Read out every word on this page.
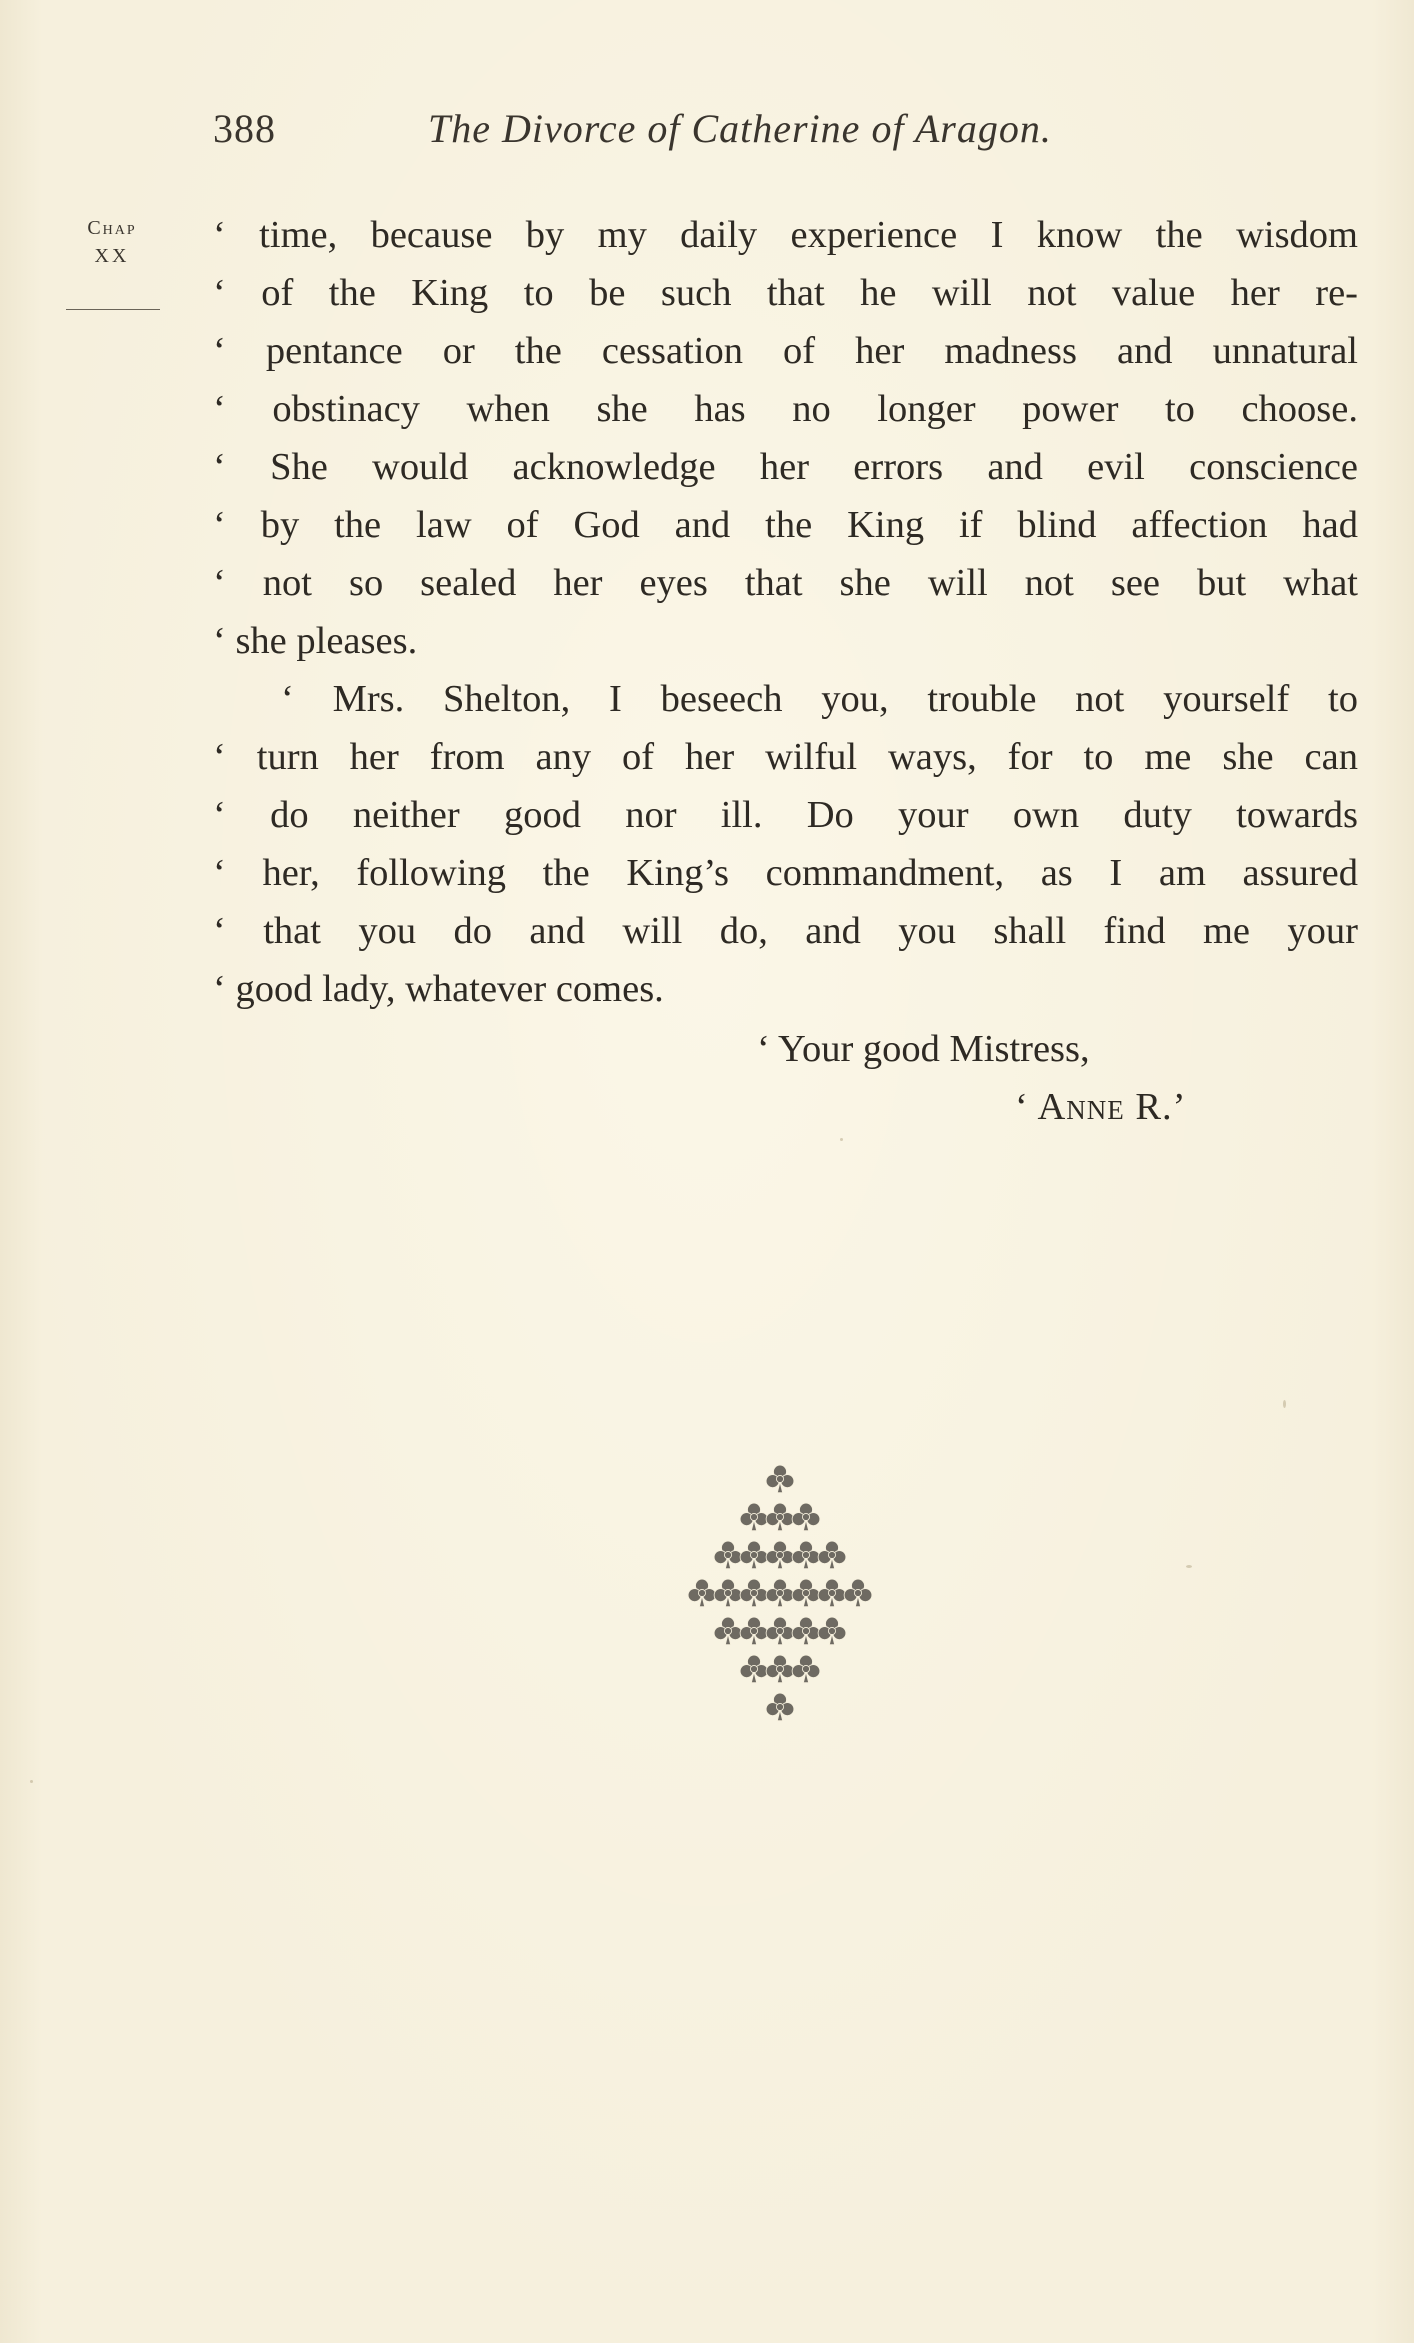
388	The Divorce of Catherine of Aragon.
Chap
XX	‘ time, because by my daily experience I know the wisdom
‘ of the King to be such that he will not value her re-
‘ pentance or the cessation of her madness and unnatural
‘ obstinacy when she has no longer power to choose.
‘ She would acknowledge her errors and evil conscience
‘ by the law of God and the King if blind affection had
‘ not so sealed her eyes that she will not see but what
‘ she pleases.
‘ Mrs. Shelton, I beseech you, trouble not yourself to
‘ turn her from any of her wilful ways, for to me she can
‘ do neither good nor ill. Do your own duty towards
‘ her, following the King’s commandment, as I am assured
‘ that you do and will do, and you shall find me your
‘ good lady, whatever comes.
‘ Your good Mistress,
‘ Anne R.’
